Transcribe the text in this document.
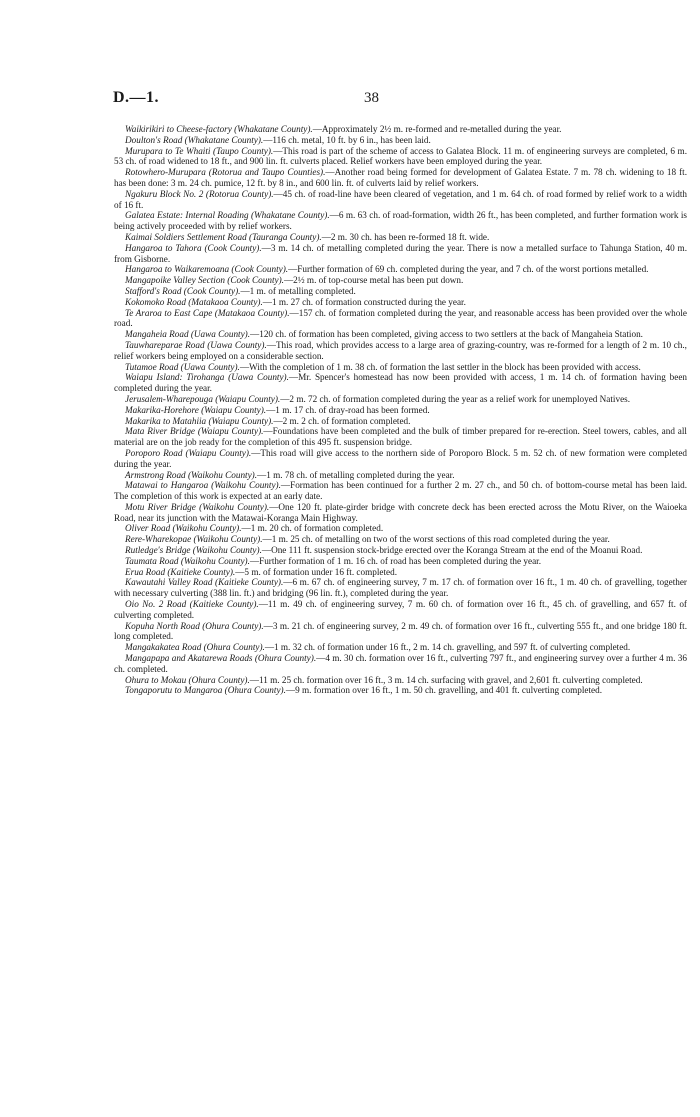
D.—1.	38

Waikirikiri to Cheese-factory (Whakatane County).—Approximately 2½ m. re-formed and re-metalled during the year.

Doulton's Road (Whakatane County).—116 ch. metal, 10 ft. by 6 in., has been laid.

Murupara to Te Whaiti (Taupo County).—This road is part of the scheme of access to Galatea Block. 11 m. of engineering surveys are completed, 6 m. 53 ch. of road widened to 18 ft., and 900 lin. ft. culverts placed. Relief workers have been employed during the year.

Rotowhero-Murupara (Rotorua and Taupo Counties).—Another road being formed for development of Galatea Estate. 7 m. 78 ch. widening to 18 ft. has been done: 3 m. 24 ch. pumice, 12 ft. by 8 in., and 600 lin. ft. of culverts laid by relief workers.

Ngakuru Block No. 2 (Rotorua County).—45 ch. of road-line have been cleared of vegetation, and 1 m. 64 ch. of road formed by relief work to a width of 16 ft.

Galatea Estate: Internal Roading (Whakatane County).—6 m. 63 ch. of road-formation, width 26 ft., has been completed, and further formation work is being actively proceeded with by relief workers.

Kaimai Soldiers Settlement Road (Tauranga County).—2 m. 30 ch. has been re-formed 18 ft. wide.

Hangaroa to Tahora (Cook County).—3 m. 14 ch. of metalling completed during the year. There is now a metalled surface to Tahunga Station, 40 m. from Gisborne.

Hangaroa to Waikaremoana (Cook County).—Further formation of 69 ch. completed during the year, and 7 ch. of the worst portions metalled.

Mangapoike Valley Section (Cook County).—2½ m. of top-course metal has been put down.

Stafford's Road (Cook County).—1 m. of metalling completed.

Kokomoko Road (Matakaoa County).—1 m. 27 ch. of formation constructed during the year.

Te Araroa to East Cape (Matakaoa County).—157 ch. of formation completed during the year, and reasonable access has been provided over the whole road.

Mangaheia Road (Uawa County).—120 ch. of formation has been completed, giving access to two settlers at the back of Mangaheia Station.

Tauwhareparae Road (Uawa County).—This road, which provides access to a large area of grazing-country, was re-formed for a length of 2 m. 10 ch., relief workers being employed on a considerable section.

Tutamoe Road (Uawa County).—With the completion of 1 m. 38 ch. of formation the last settler in the block has been provided with access.

Waiapu Island: Tirohanga (Uawa County).—Mr. Spencer's homestead has now been provided with access, 1 m. 14 ch. of formation having been completed during the year.

Jerusalem-Wharepouga (Waiapu County).—2 m. 72 ch. of formation completed during the year as a relief work for unemployed Natives.

Makarika-Horehore (Waiapu County).—1 m. 17 ch. of dray-road has been formed.

Makarika to Matahiia (Waiapu County).—2 m. 2 ch. of formation completed.

Mata River Bridge (Waiapu County).—Foundations have been completed and the bulk of timber prepared for re-erection. Steel towers, cables, and all material are on the job ready for the completion of this 495 ft. suspension bridge.

Poroporo Road (Waiapu County).—This road will give access to the northern side of Poroporo Block. 5 m. 52 ch. of new formation were completed during the year.

Armstrong Road (Waikohu County).—1 m. 78 ch. of metalling completed during the year.

Matawai to Hangaroa (Waikohu County).—Formation has been continued for a further 2 m. 27 ch., and 50 ch. of bottom-course metal has been laid. The completion of this work is expected at an early date.

Motu River Bridge (Waikohu County).—One 120 ft. plate-girder bridge with concrete deck has been erected across the Motu River, on the Waioeka Road, near its junction with the Matawai-Koranga Main Highway.

Oliver Road (Waikohu County).—1 m. 20 ch. of formation completed.

Rere-Wharekopae (Waikohu County).—1 m. 25 ch. of metalling on two of the worst sections of this road completed during the year.

Rutledge's Bridge (Waikohu County).—One 111 ft. suspension stock-bridge erected over the Koranga Stream at the end of the Moanui Road.

Taumata Road (Waikohu County).—Further formation of 1 m. 16 ch. of road has been completed during the year.

Erua Road (Kaitieke County).—5 m. of formation under 16 ft. completed.

Kawautahi Valley Road (Kaitieke County).—6 m. 67 ch. of engineering survey, 7 m. 17 ch. of formation over 16 ft., 1 m. 40 ch. of gravelling, together with necessary culverting (388 lin. ft.) and bridging (96 lin. ft.), completed during the year.

Oio No. 2 Road (Kaitieke County).—11 m. 49 ch. of engineering survey, 7 m. 60 ch. of formation over 16 ft., 45 ch. of gravelling, and 657 ft. of culverting completed.

Kopuha North Road (Ohura County).—3 m. 21 ch. of engineering survey, 2 m. 49 ch. of formation over 16 ft., culverting 555 ft., and one bridge 180 ft. long completed.

Mangakakatea Road (Ohura County).—1 m. 32 ch. of formation under 16 ft., 2 m. 14 ch. gravelling, and 597 ft. of culverting completed.

Mangapapa and Akatarewa Roads (Ohura County).—4 m. 30 ch. formation over 16 ft., culverting 797 ft., and engineering survey over a further 4 m. 36 ch. completed.

Ohura to Mokau (Ohura County).—11 m. 25 ch. formation over 16 ft., 3 m. 14 ch. surfacing with gravel, and 2,601 ft. culverting completed.

Tongaporutu to Mangaroa (Ohura County).—9 m. formation over 16 ft., 1 m. 50 ch. gravelling, and 401 ft. culverting completed.
